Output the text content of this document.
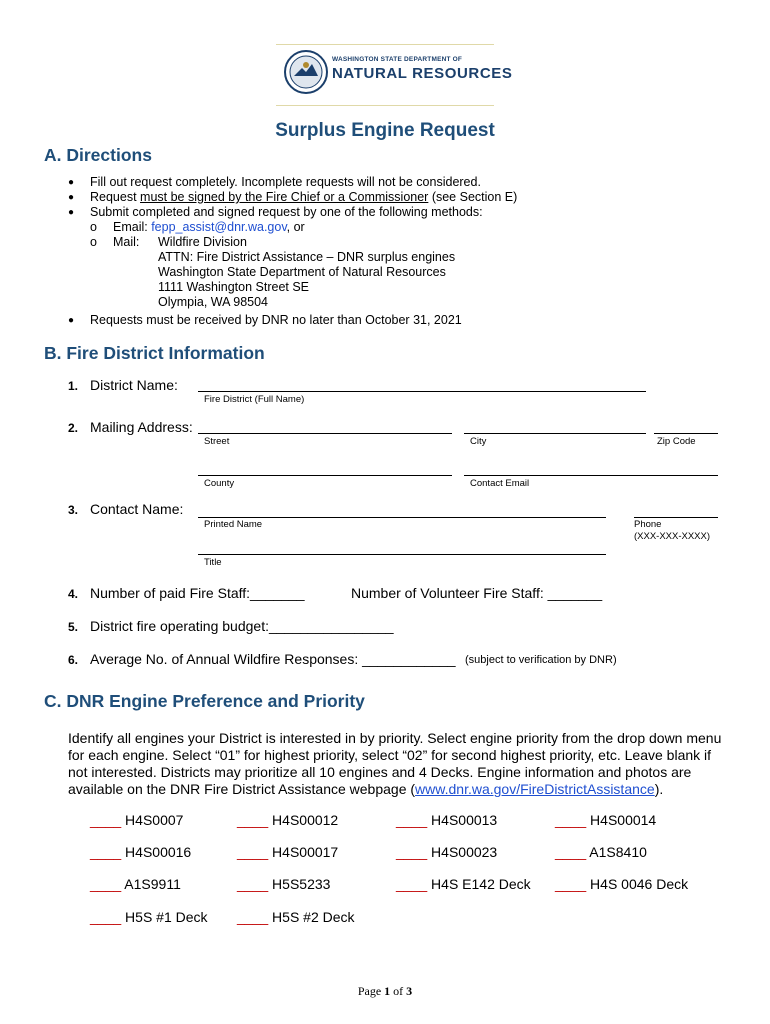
WASHINGTON STATE DEPARTMENT OF
NATURAL RESOURCES
Surplus Engine Request
A. Directions
● Fill out request completely. Incomplete requests will not be considered.
● Request must be signed by the Fire Chief or a Commissioner (see Section E)
● Submit completed and signed request by one of the following methods:
o Email: fepp_assist@dnr.wa.gov, or
o Mail: Wildfire Division
ATTN: Fire District Assistance – DNR surplus engines
Washington State Department of Natural Resources
1111 Washington Street SE
Olympia, WA 98504
● Requests must be received by DNR no later than October 31, 2021
B. Fire District Information
1. District Name:
Fire District (Full Name)
2. Mailing Address:
Street	City	Zip Code
County	Contact Email
3. Contact Name:
Printed Name	Phone
(XXX-XXX-XXXX)
Title
4. Number of paid Fire Staff:_______	Number of Volunteer Fire Staff: _______
5. District fire operating budget:________________
6. Average No. of Annual Wildfire Responses: ____________ (subject to verification by DNR)
C. DNR Engine Preference and Priority
Identify all engines your District is interested in by priority. Select engine priority from the drop down menu for each engine. Select “01” for highest priority, select “02” for second highest priority, etc. Leave blank if not interested. Districts may prioritize all 10 engines and 4 Decks. Engine information and photos are available on the DNR Fire District Assistance webpage (www.dnr.wa.gov/FireDistrictAssistance).
____ H4S0007	____ H4S00012	____ H4S00013	____ H4S00014
____ H4S00016	____ H4S00017	____ H4S00023	____ A1S8410
____ A1S9911	____ H5S5233	____ H4S E142 Deck ____ H4S 0046 Deck
____ H5S #1 Deck ____ H5S #2 Deck
Page 1 of 3
